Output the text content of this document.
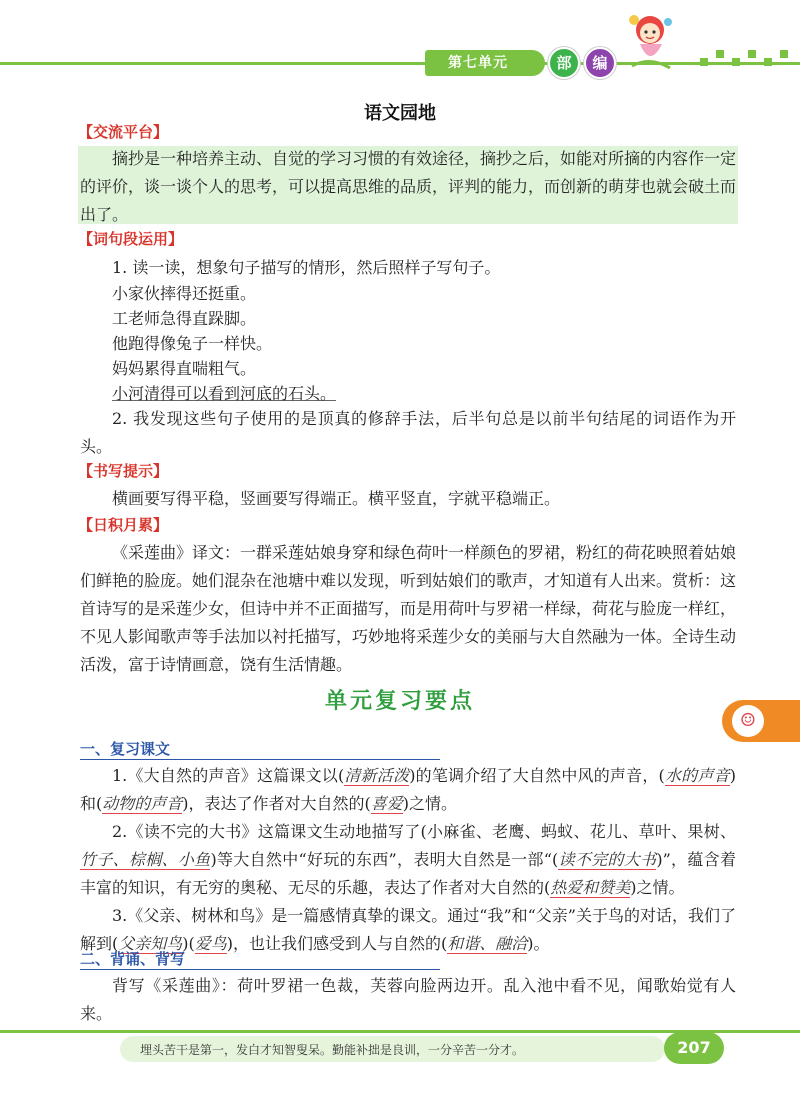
第七单元	部	编
语文园地
【交流平台】
摘抄是一种培养主动、自觉的学习习惯的有效途径，摘抄之后，如能对所摘的内容作一定的评价，谈一谈个人的思考，可以提高思维的品质，评判的能力，而创新的萌芽也就会破土而出了。
【词句段运用】
1. 读一读，想象句子描写的情形，然后照样子写句子。
小家伙摔得还挺重。
工老师急得直跺脚。
他跑得像兔子一样快。
妈妈累得直喘粗气。
小河清得可以看到河底的石头。
2. 我发现这些句子使用的是顶真的修辞手法，后半句总是以前半句结尾的词语作为开头。
【书写提示】
横画要写得平稳，竖画要写得端正。横平竖直，字就平稳端正。
【日积月累】
《采莲曲》译文：一群采莲姑娘身穿和绿色荷叶一样颜色的罗裙，粉红的荷花映照着姑娘们鲜艳的脸庞。她们混杂在池塘中难以发现，听到姑娘们的歌声，才知道有人出来。赏析：这首诗写的是采莲少女，但诗中并不正面描写，而是用荷叶与罗裙一样绿，荷花与脸庞一样红，不见人影闻歌声等手法加以衬托描写，巧妙地将采莲少女的美丽与大自然融为一体。全诗生动活泼，富于诗情画意，饶有生活情趣。
☺
单元复习要点
一、复习课文
1.《大自然的声音》这篇课文以(清新活泼)的笔调介绍了大自然中风的声音，(水的声音)和(动物的声音)，表达了作者对大自然的(喜爱)之情。
2.《读不完的大书》这篇课文生动地描写了(小麻雀、老鹰、蚂蚁、花儿、草叶、果树、竹子、棕榈、小鱼)等大自然中“好玩的东西”，表明大自然是一部“(读不完的大书)”，蕴含着丰富的知识，有无穷的奥秘、无尽的乐趣，表达了作者对大自然的(热爱和赞美)之情。
3.《父亲、树林和鸟》是一篇感情真挚的课文。通过“我”和“父亲”关于鸟的对话，我们了解到(父亲知鸟)(爱鸟)，也让我们感受到人与自然的(和谐、融洽)。
二、背诵、背写
背写《采莲曲》：荷叶罗裙一色裁，芙蓉向脸两边开。乱入池中看不见，闻歌始觉有人来。
埋头苦干是第一，发白才知智叟呆。勤能补拙是良训，一分辛苦一分才。	207
